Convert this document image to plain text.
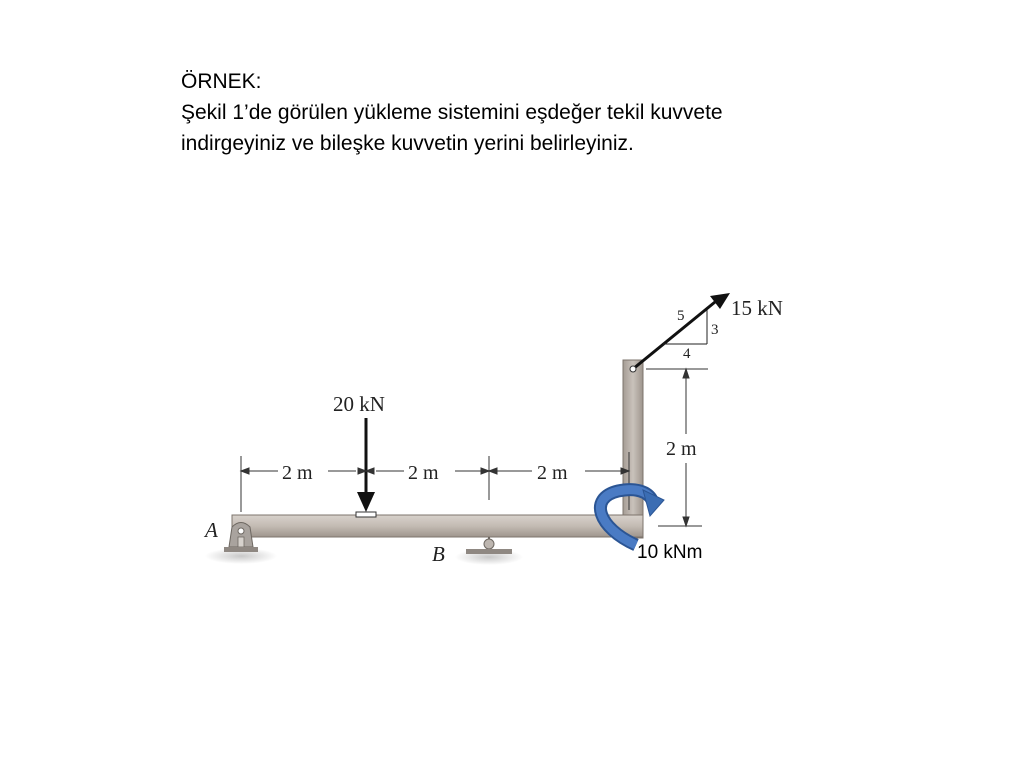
ÖRNEK:
Şekil 1’de görülen yükleme sistemini eşdeğer tekil kuvvete
indirgeyiniz ve bileşke kuvvetin yerini belirleyiniz.
20 kN
15 kN
5
3
4
2 m	2 m	2 m
2 m
A
B	10 kNm
